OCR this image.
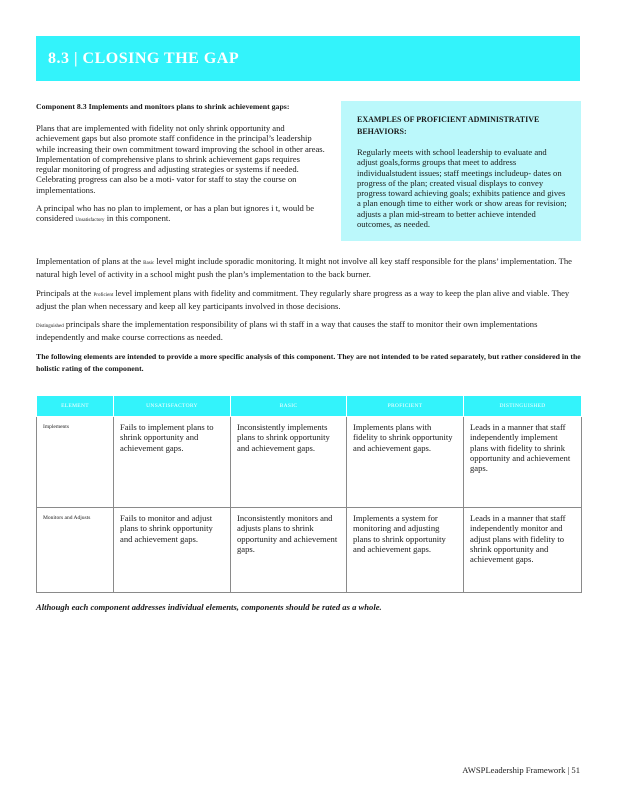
8.3 | CLOSING THE GAP

Component 8.3 Implements and monitors plans to shrink achievement gaps:

Plans that are implemented with fidelity not only shrink opportunity and achievement gaps but also promote staff confidence in the principal’s leadership while increasing their own commitment toward improving the school in other areas. Implementation of comprehensive plans to shrink achievement gaps requires regular monitoring of progress and adjusting strategies or systems if needed. Celebrating progress can also be a moti- vator for staff to stay the course on implementations.

A principal who has no plan to implement, or has a plan but ignores i t, would be considered Unsatisfactory in this component.

EXAMPLES OF PROFICIENT ADMINISTRATIVE BEHAVIORS:
Regularly meets with school leadership to evaluate and adjust goals,forms groups that meet to address individualstudent issues; staff meetings includeup- dates on progress of the plan; created visual displays to convey progress toward achieving goals; exhibits patience and gives a plan enough time to either work or show areas for revision; adjusts a plan mid-stream to better achieve intended outcomes, as needed.

Implementation of plans at the Basic level might include sporadic monitoring. It might not involve all key staff responsible for the plans’ implementation. The natural high level of activity in a school might push the plan’s implementation to the back burner.

Principals at the Proficient level implement plans with fidelity and commitment. They regularly share progress as a way to keep the plan alive and viable. They adjust the plan when necessary and keep all key participants involved in those decisions.

Distinguished principals share the implementation responsibility of plans wi th staff in a way that causes the staff to monitor their own implementations independently and make course corrections as needed.

The following elements are intended to provide a more specific analysis of this component. They are not intended to be rated separately, but rather considered in the holistic rating of the component.

ELEMENT	UNSATISFACTORY	BASIC	PROFICIENT	DISTINGUISHED
Implements	Fails to implement plans to shrink opportunity and achievement gaps.	Inconsistently implements plans to shrink opportunity and achievement gaps.	Implements plans with fidelity to shrink opportunity and achievement gaps.	Leads in a manner that staff independently implement plans with fidelity to shrink opportunity and achievement gaps.
Monitors and Adjusts	Fails to monitor and adjust plans to shrink opportunity and achievement gaps.	Inconsistently monitors and adjusts plans to shrink opportunity and achievement gaps.	Implements a system for monitoring and adjusting plans to shrink opportunity and achievement gaps.	Leads in a manner that staff independently monitor and adjust plans with fidelity to shrink opportunity and achievement gaps.
Although each component addresses individual elements, components should be rated as a whole.
AWSPLeadership Framework | 51
